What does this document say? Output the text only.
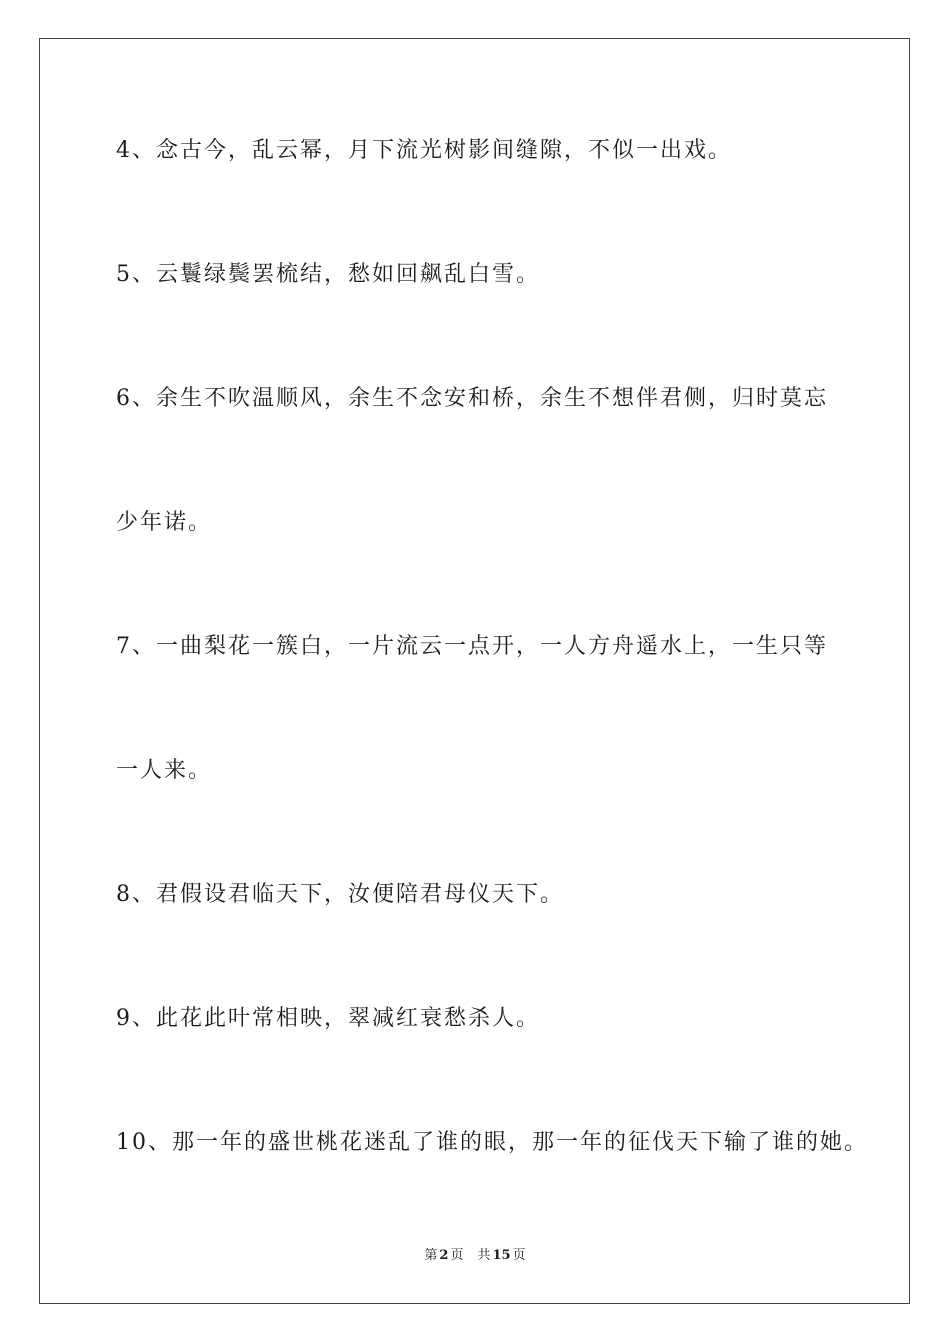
4、念古今，乱云幂，月下流光树影间缝隙，不似一出戏。
5、云鬟绿鬓罢梳结，愁如回飙乱白雪。
6、余生不吹温顺风，余生不念安和桥，余生不想伴君侧，归时莫忘
少年诺。
7、一曲梨花一簇白，一片流云一点开，一人方舟遥水上，一生只等
一人来。
8、君假设君临天下，汝便陪君母仪天下。
9、此花此叶常相映，翠减红衰愁杀人。
10、那一年的盛世桃花迷乱了谁的眼，那一年的征伐天下输了谁的她。
第 2 页 共 15 页
